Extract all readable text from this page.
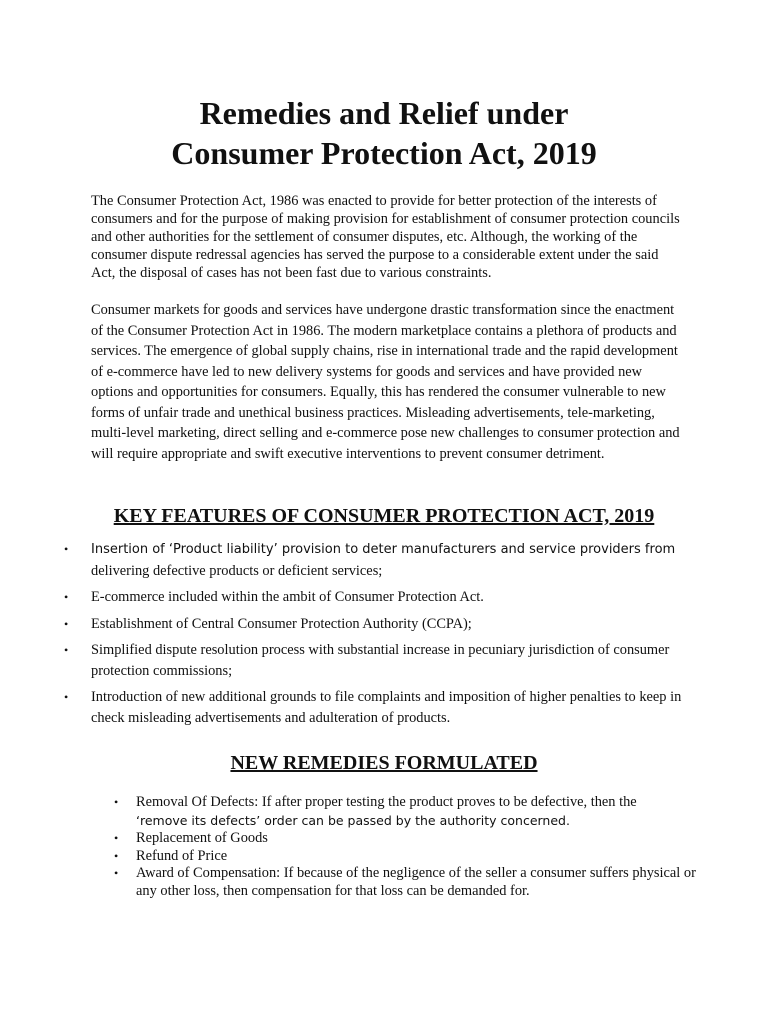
Remedies and Relief under
Consumer Protection Act, 2019

The Consumer Protection Act, 1986 was enacted to provide for better protection of the interests of consumers and for the purpose of making provision for establishment of consumer protection councils and other authorities for the settlement of consumer disputes, etc. Although, the working of the consumer dispute redressal agencies has served the purpose to a considerable extent under the said Act, the disposal of cases has not been fast due to various constraints.

Consumer markets for goods and services have undergone drastic transformation since the enactment of the Consumer Protection Act in 1986. The modern marketplace contains a plethora of products and services. The emergence of global supply chains, rise in international trade and the rapid development of e-commerce have led to new delivery systems for goods and services and have provided new options and opportunities for consumers. Equally, this has rendered the consumer vulnerable to new forms of unfair trade and unethical business practices. Misleading advertisements, tele-marketing, multi-level marketing, direct selling and e-commerce pose new challenges to consumer protection and will require appropriate and swift executive interventions to prevent consumer detriment.

KEY FEATURES OF CONSUMER PROTECTION ACT, 2019
• Insertion of ‘Product liability’ provision to deter manufacturers and service providers from
delivering defective products or deficient services;
• E-commerce included within the ambit of Consumer Protection Act.
• Establishment of Central Consumer Protection Authority (CCPA);
• Simplified dispute resolution process with substantial increase in pecuniary jurisdiction of consumer protection commissions;
• Introduction of new additional grounds to file complaints and imposition of higher penalties to keep in check misleading advertisements and adulteration of products.
NEW REMEDIES FORMULATED
• Removal Of Defects: If after proper testing the product proves to be defective, then the
‘remove its defects’ order can be passed by the authority concerned.
• Replacement of Goods
• Refund of Price
• Award of Compensation: If because of the negligence of the seller a consumer suffers physical or any other loss, then compensation for that loss can be demanded for.
